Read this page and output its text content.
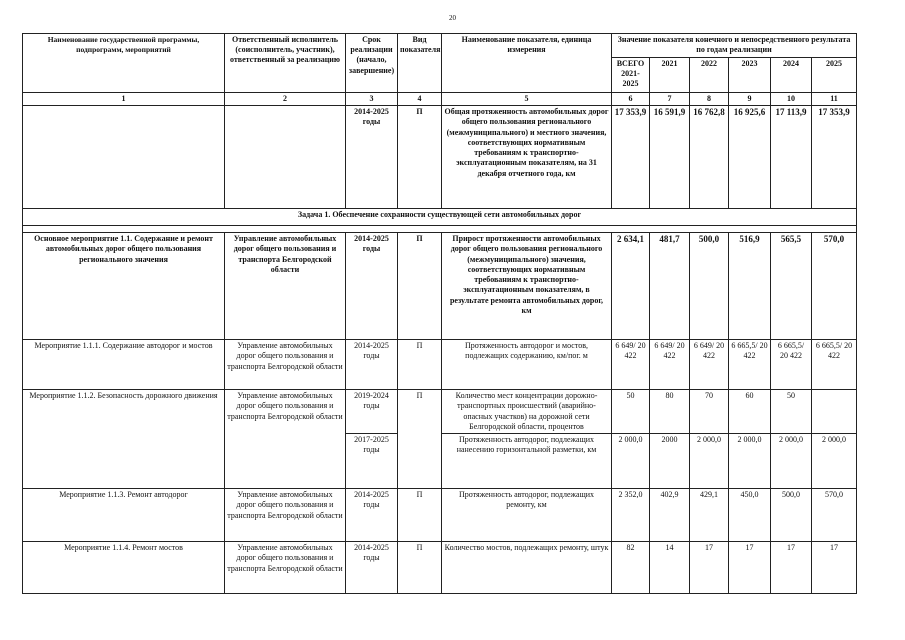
20
Наименование государственной программы, подпрограмм, мероприятий	Ответственный исполнитель (соисполнитель, участник), ответственный за реализацию	Срок реализации (начало, завершение)	Вид показателя	Наименование показателя, единица измерения	Значение показателя конечного и непосредственного результата по годам реализации					
					ВСЕГО 2021-2025	2021	2022	2023	2024	2025
1	2	3	4	5	6	7	8	9	10	11
		2014-2025 годы	П	Общая протяженность автомобильных дорог общего пользования регионального (межмуниципального) и местного значения, соответствующих нормативным требованиям к транспортно-эксплуатационным показателям, на 31 декабря отчетного года, км	17 353,9	16 591,9	16 762,8	16 925,6	17 113,9	17 353,9
Задача 1. Обеспечение сохранности существующей сети автомобильных дорог										

Основное мероприятие 1.1. Содержание и ремонт автомобильных дорог общего пользования регионального значения	Управление автомобильных дорог общего пользования и транспорта Белгородской области	2014-2025 годы	П	Прирост протяженности автомобильных дорог общего пользования регионального (межмуниципального) значения, соответствующих нормативным требованиям к транспортно-эксплуатационным показателям, в результате ремонта автомобильных дорог, км	2 634,1	481,7	500,0	516,9	565,5	570,0
Мероприятие 1.1.1. Содержание автодорог и мостов	Управление автомобильных дорог общего пользования и транспорта Белгородской области	2014-2025 годы	П	Протяженность автодорог и мостов, подлежащих содержанию, км/пог. м	6 649/ 20 422	6 649/ 20 422	6 649/ 20 422	6 665,5/ 20 422	6 665,5/ 20 422	6 665,5/ 20 422
Мероприятие 1.1.2. Безопасность дорожного движения	Управление автомобильных дорог общего пользования и транспорта Белгородской области	2019-2024 годы	П	Количество мест концентрации дорожно-транспортных происшествий (аварийно-опасных участков) на дорожной сети Белгородской области, процентов	50	80	70	60	50	
		2017-2025 годы		Протяженность автодорог, подлежащих нанесению горизонтальной разметки, км	2 000,0	2000	2 000,0	2 000,0	2 000,0	2 000,0
Мероприятие 1.1.3. Ремонт автодорог	Управление автомобильных дорог общего пользования и транспорта Белгородской области	2014-2025 годы	П	Протяженность автодорог, подлежащих ремонту, км	2 352,0	402,9	429,1	450,0	500,0	570,0
Мероприятие 1.1.4. Ремонт мостов	Управление автомобильных дорог общего пользования и транспорта Белгородской области	2014-2025 годы	П	Количество мостов, подлежащих ремонту, штук	82	14	17	17	17	17
